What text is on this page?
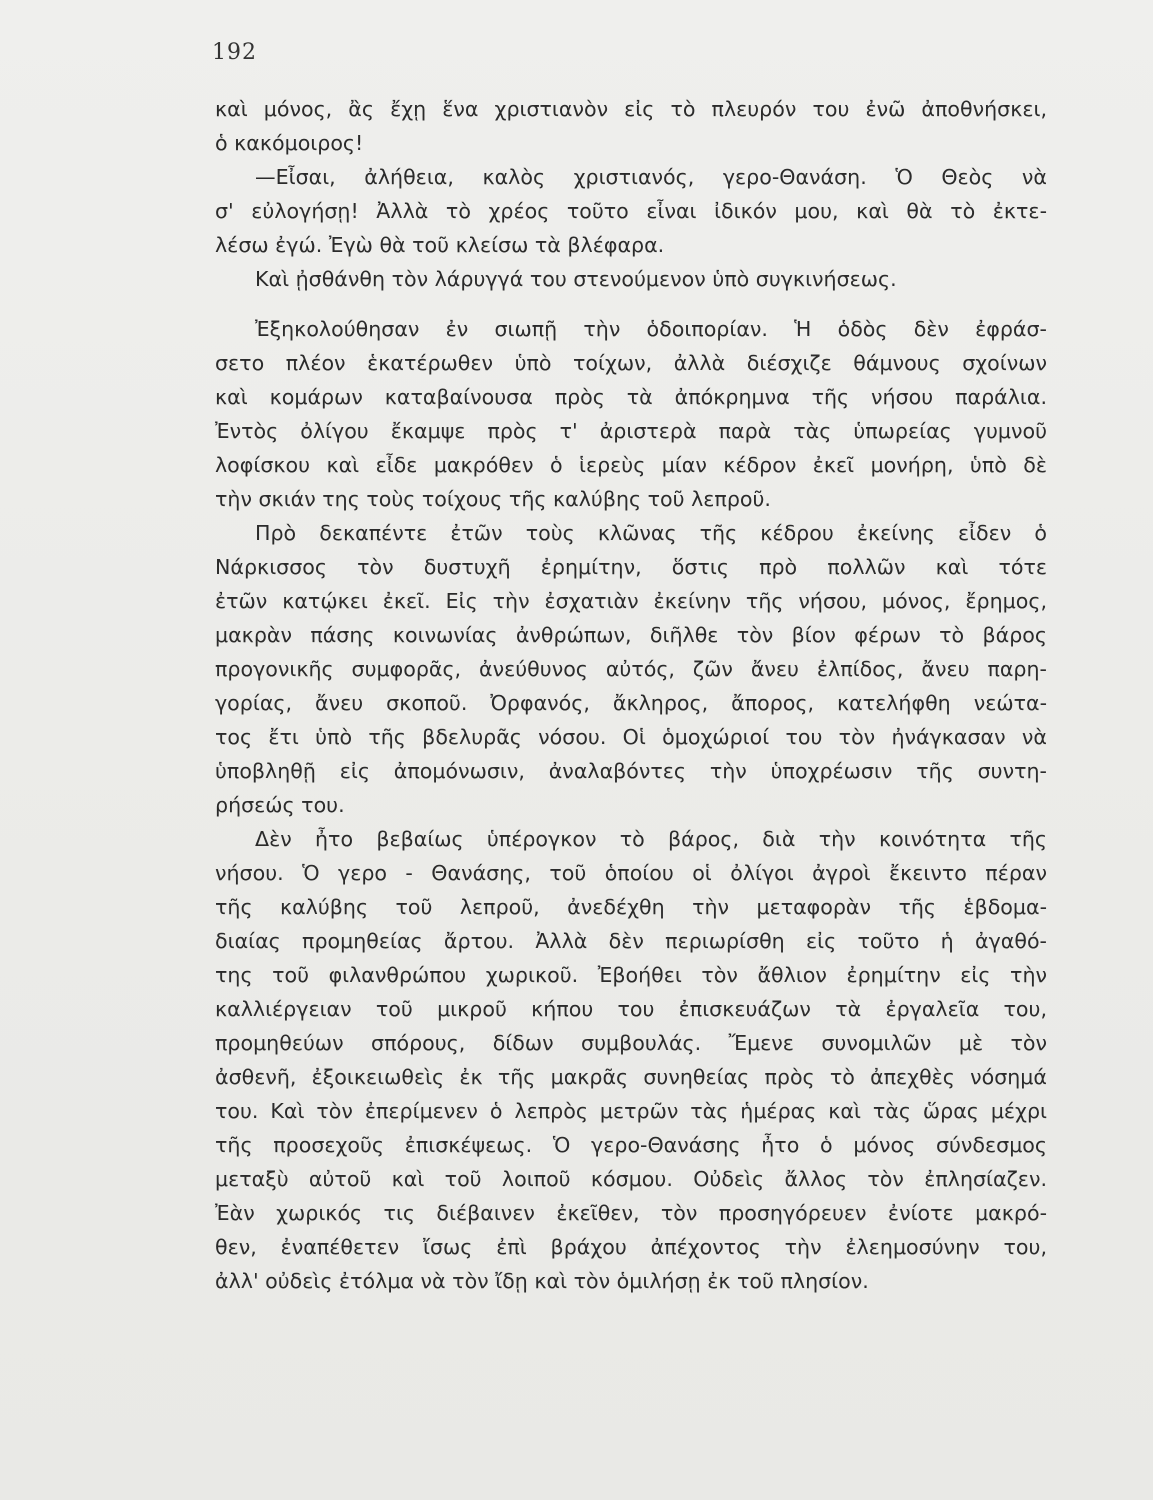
192
καὶ μόνος, ἂς ἔχῃ ἕνα χριστιανὸν εἰς τὸ πλευρόν του ἐνῶ ἀποθνήσκει,
ὁ κακόμοιρος!
—Εἶσαι, ἀλήθεια, καλὸς χριστιανός, γερο-Θανάση. Ὁ Θεὸς νὰ
σ' εὐλογήσῃ! Ἀλλὰ τὸ χρέος τοῦτο εἶναι ἰδικόν μου, καὶ θὰ τὸ ἐκτε-
λέσω ἐγώ. Ἐγὼ θὰ τοῦ κλείσω τὰ βλέφαρα.
Καὶ ᾐσθάνθη τὸν λάρυγγά του στενούμενον ὑπὸ συγκινήσεως.
Ἐξηκολούθησαν ἐν σιωπῇ τὴν ὁδοιπορίαν. Ἡ ὁδὸς δὲν ἐφράσ-
σετο πλέον ἑκατέρωθεν ὑπὸ τοίχων, ἀλλὰ διέσχιζε θάμνους σχοίνων
καὶ κομάρων καταβαίνουσα πρὸς τὰ ἀπόκρημνα τῆς νήσου παράλια.
Ἐντὸς ὀλίγου ἔκαμψε πρὸς τ' ἀριστερὰ παρὰ τὰς ὑπωρείας γυμνοῦ
λοφίσκου καὶ εἶδε μακρόθεν ὁ ἱερεὺς μίαν κέδρον ἐκεῖ μονήρη, ὑπὸ δὲ
τὴν σκιάν της τοὺς τοίχους τῆς καλύβης τοῦ λεπροῦ.
Πρὸ δεκαπέντε ἐτῶν τοὺς κλῶνας τῆς κέδρου ἐκείνης εἶδεν ὁ
Νάρκισσος τὸν δυστυχῆ ἐρημίτην, ὅστις πρὸ πολλῶν καὶ τότε
ἐτῶν κατῴκει ἐκεῖ. Εἰς τὴν ἐσχατιὰν ἐκείνην τῆς νήσου, μόνος, ἔρημος,
μακρὰν πάσης κοινωνίας ἀνθρώπων, διῆλθε τὸν βίον φέρων τὸ βάρος
προγονικῆς συμφορᾶς, ἀνεύθυνος αὐτός, ζῶν ἄνευ ἐλπίδος, ἄνευ παρη-
γορίας, ἄνευ σκοποῦ. Ὀρφανός, ἄκληρος, ἄπορος, κατελήφθη νεώτα-
τος ἔτι ὑπὸ τῆς βδελυρᾶς νόσου. Οἱ ὁμοχώριοί του τὸν ἠνάγκασαν νὰ
ὑποβληθῇ εἰς ἀπομόνωσιν, ἀναλαβόντες τὴν ὑποχρέωσιν τῆς συντη-
ρήσεώς του.
Δὲν ἦτο βεβαίως ὑπέρογκον τὸ βάρος, διὰ τὴν κοινότητα τῆς
νήσου. Ὁ γερο - Θανάσης, τοῦ ὁποίου οἱ ὀλίγοι ἀγροὶ ἔκειντο πέραν
τῆς καλύβης τοῦ λεπροῦ, ἀνεδέχθη τὴν μεταφορὰν τῆς ἑβδομα-
διαίας προμηθείας ἄρτου. Ἀλλὰ δὲν περιωρίσθη εἰς τοῦτο ἡ ἀγαθό-
της τοῦ φιλανθρώπου χωρικοῦ. Ἐβοήθει τὸν ἄθλιον ἐρημίτην εἰς τὴν
καλλιέργειαν τοῦ μικροῦ κήπου του ἐπισκευάζων τὰ ἐργαλεῖα του,
προμηθεύων σπόρους, δίδων συμβουλάς. Ἔμενε συνομιλῶν μὲ τὸν
ἀσθενῆ, ἐξοικειωθεὶς ἐκ τῆς μακρᾶς συνηθείας πρὸς τὸ ἀπεχθὲς νόσημά
του. Καὶ τὸν ἐπερίμενεν ὁ λεπρὸς μετρῶν τὰς ἡμέρας καὶ τὰς ὥρας μέχρι
τῆς προσεχοῦς ἐπισκέψεως. Ὁ γερο-Θανάσης ἦτο ὁ μόνος σύνδεσμος
μεταξὺ αὐτοῦ καὶ τοῦ λοιποῦ κόσμου. Οὐδεὶς ἄλλος τὸν ἐπλησίαζεν.
Ἐὰν χωρικός τις διέβαινεν ἐκεῖθεν, τὸν προσηγόρευεν ἐνίοτε μακρό-
θεν, ἐναπέθετεν ἴσως ἐπὶ βράχου ἀπέχοντος τὴν ἐλεημοσύνην του,
ἀλλ' οὐδεὶς ἐτόλμα νὰ τὸν ἴδῃ καὶ τὸν ὁμιλήσῃ ἐκ τοῦ πλησίον.
